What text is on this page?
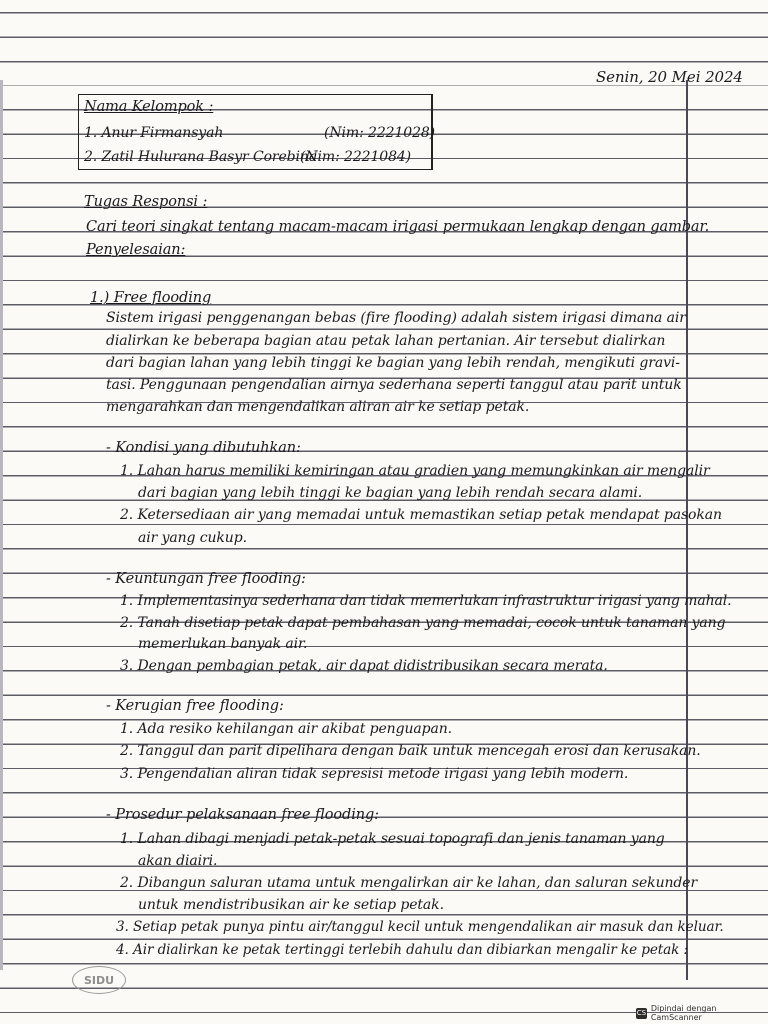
Senin, 20 Mei 2024
Nama Kelompok :
1. Anur Firmansyah	(Nim: 2221028)
2. Zatil Hulurana Basyr Corebina
(Nim: 2221084)
Tugas Responsi :
Cari teori singkat tentang macam-macam irigasi permukaan lengkap dengan gambar.
Penyelesaian:
1.) Free flooding
Sistem irigasi penggenangan bebas (fire flooding) adalah sistem irigasi dimana air
dialirkan ke beberapa bagian atau petak lahan pertanian. Air tersebut dialirkan
dari bagian lahan yang lebih tinggi ke bagian yang lebih rendah, mengikuti gravi-
tasi. Penggunaan pengendalian airnya sederhana seperti tanggul atau parit untuk
mengarahkan dan mengendalikan aliran air ke setiap petak.
- Kondisi yang dibutuhkan:
1. Lahan harus memiliki kemiringan atau gradien yang memungkinkan air mengalir
dari bagian yang lebih tinggi ke bagian yang lebih rendah secara alami.
2. Ketersediaan air yang memadai untuk memastikan setiap petak mendapat pasokan
air yang cukup.
- Keuntungan free flooding:
1. Implementasinya sederhana dan tidak memerlukan infrastruktur irigasi yang mahal.
2. Tanah disetiap petak dapat pembahasan yang memadai, cocok untuk tanaman yang
memerlukan banyak air.
3. Dengan pembagian petak, air dapat didistribusikan secara merata.
- Kerugian free flooding:
1. Ada resiko kehilangan air akibat penguapan.
2. Tanggul dan parit dipelihara dengan baik untuk mencegah erosi dan kerusakan.
3. Pengendalian aliran tidak sepresisi metode irigasi yang lebih modern.
- Prosedur pelaksanaan free flooding:
1. Lahan dibagi menjadi petak-petak sesuai topografi dan jenis tanaman yang
akan diairi.
2. Dibangun saluran utama untuk mengalirkan air ke lahan, dan saluran sekunder
untuk mendistribusikan air ke setiap petak.
3. Setiap petak punya pintu air/tanggul kecil untuk mengendalikan air masuk dan keluar.
4. Air dialirkan ke petak tertinggi terlebih dahulu dan dibiarkan mengalir ke petak :
SIDU
CS Dipindai dengan CamScanner
